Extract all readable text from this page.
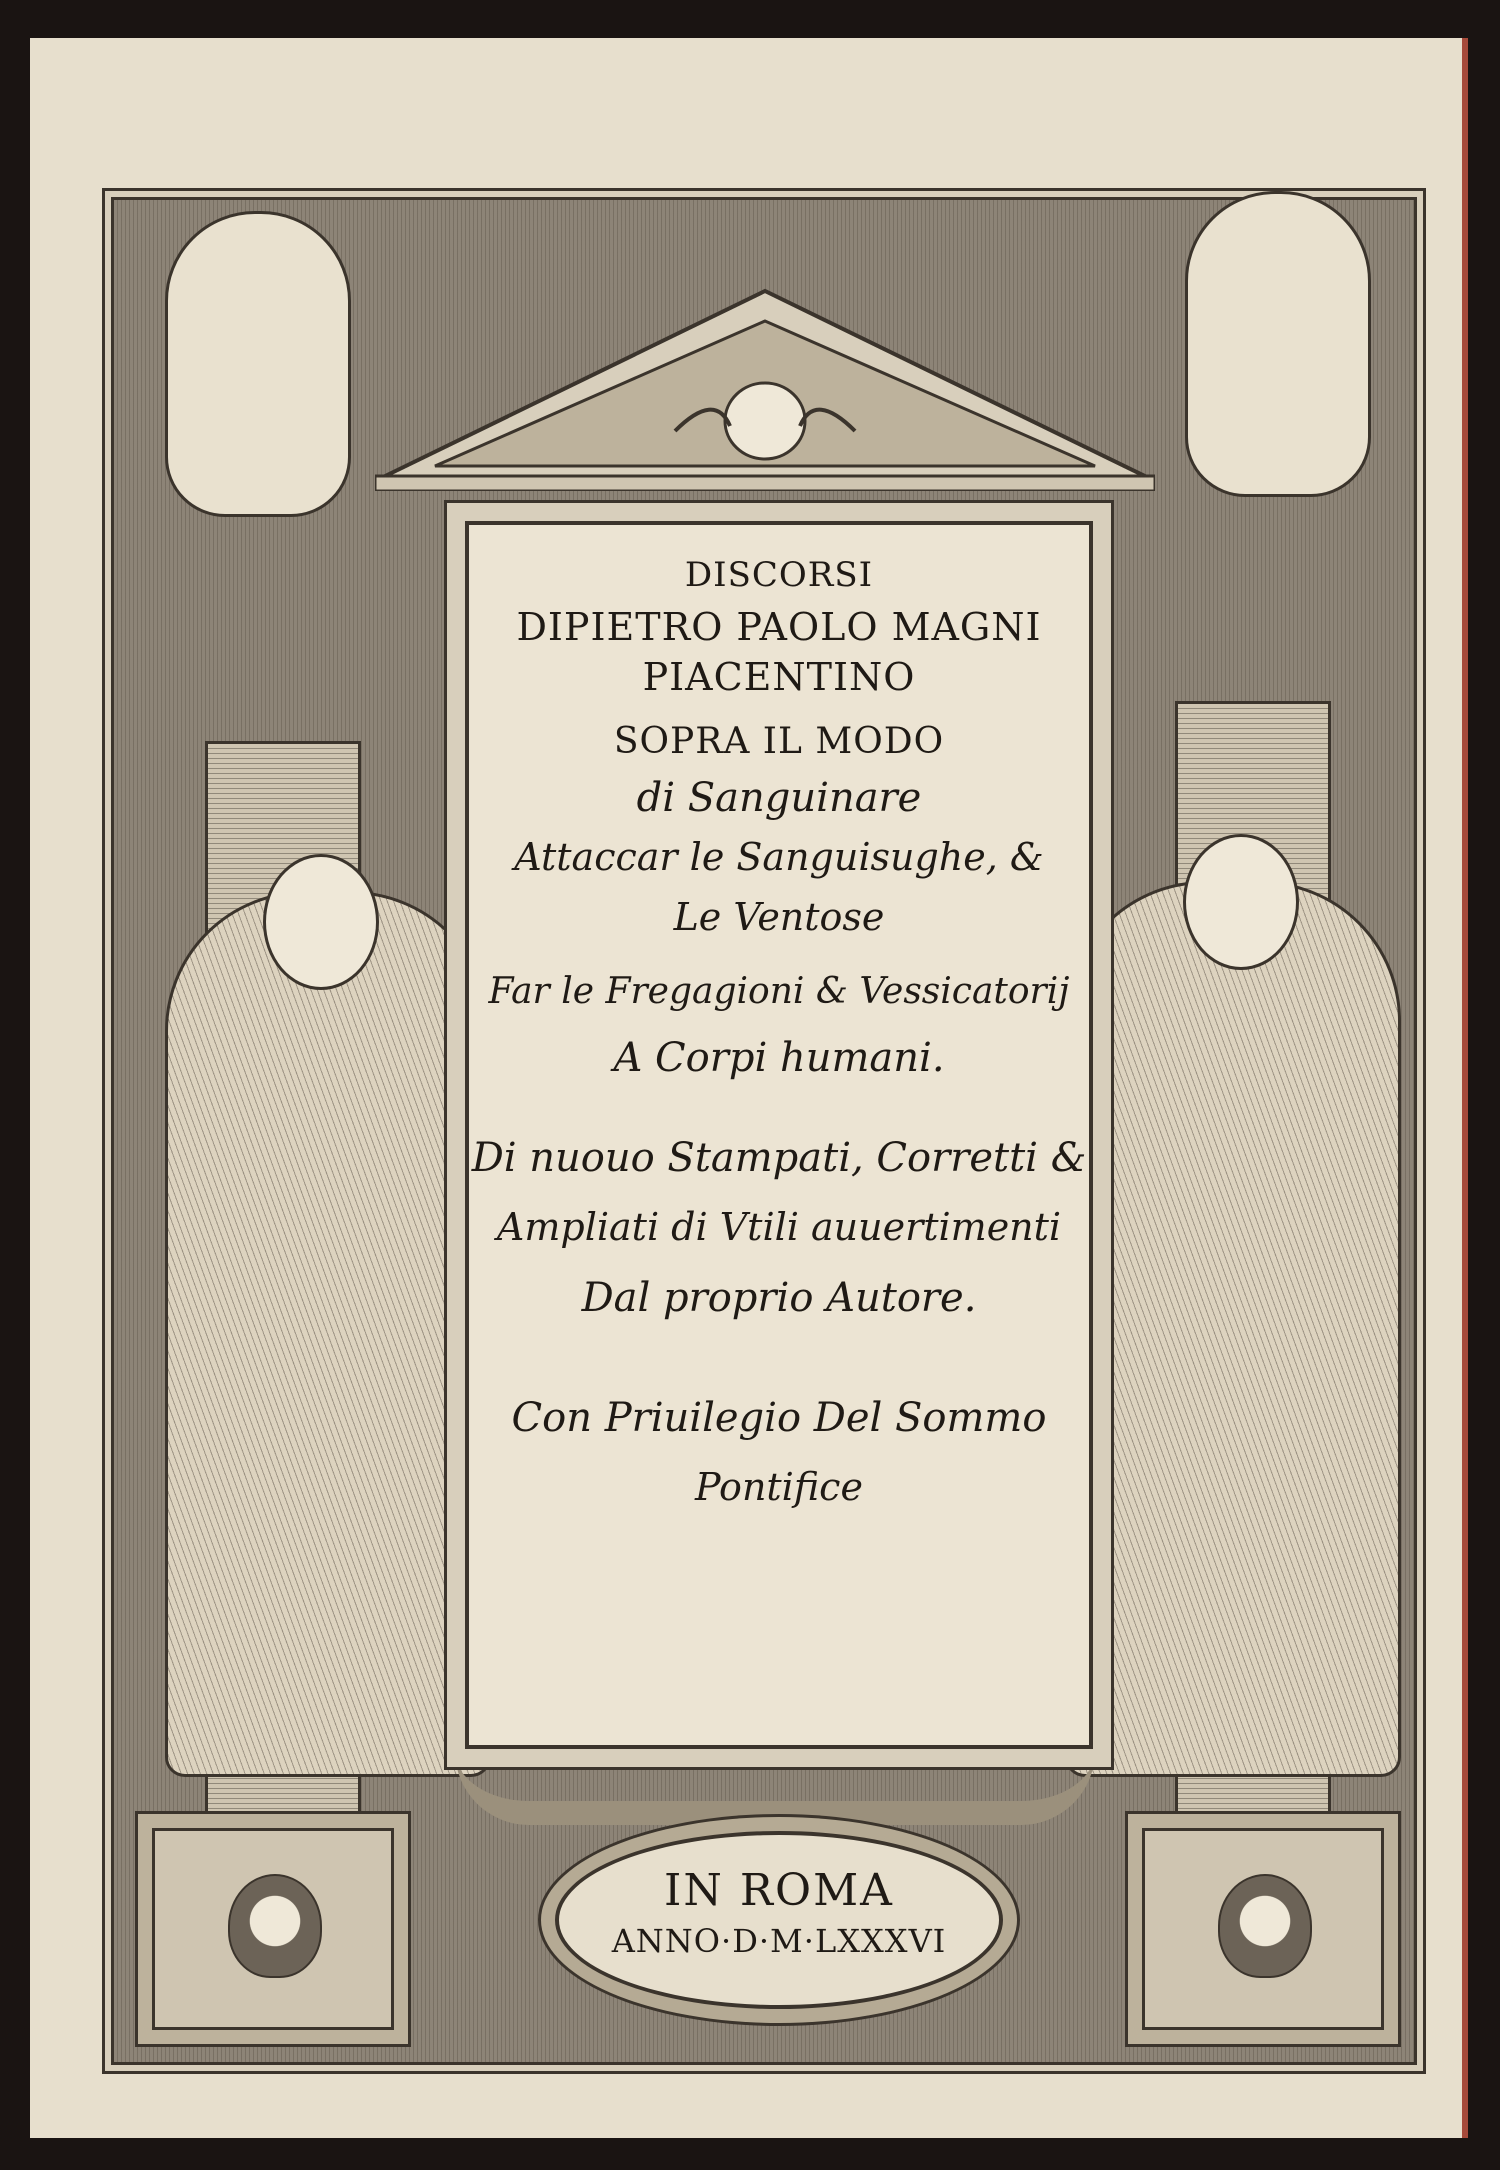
DISCORSI
DIPIETRO PAOLO MAGNI
PIACENTINO
SOPRA IL MODO
di Sanguinare
Attaccar le Sanguisughe, &
Le Ventose
Far le Fregagioni & Vessicatorij
A Corpi humani.
Di nuouo Stampati, Corretti &
Ampliati di Vtili auuertimenti
Dal proprio Autore.
Con Priuilegio Del Sommo
Pontifice
IN ROMA
ANNO·D·M·LXXXVI
